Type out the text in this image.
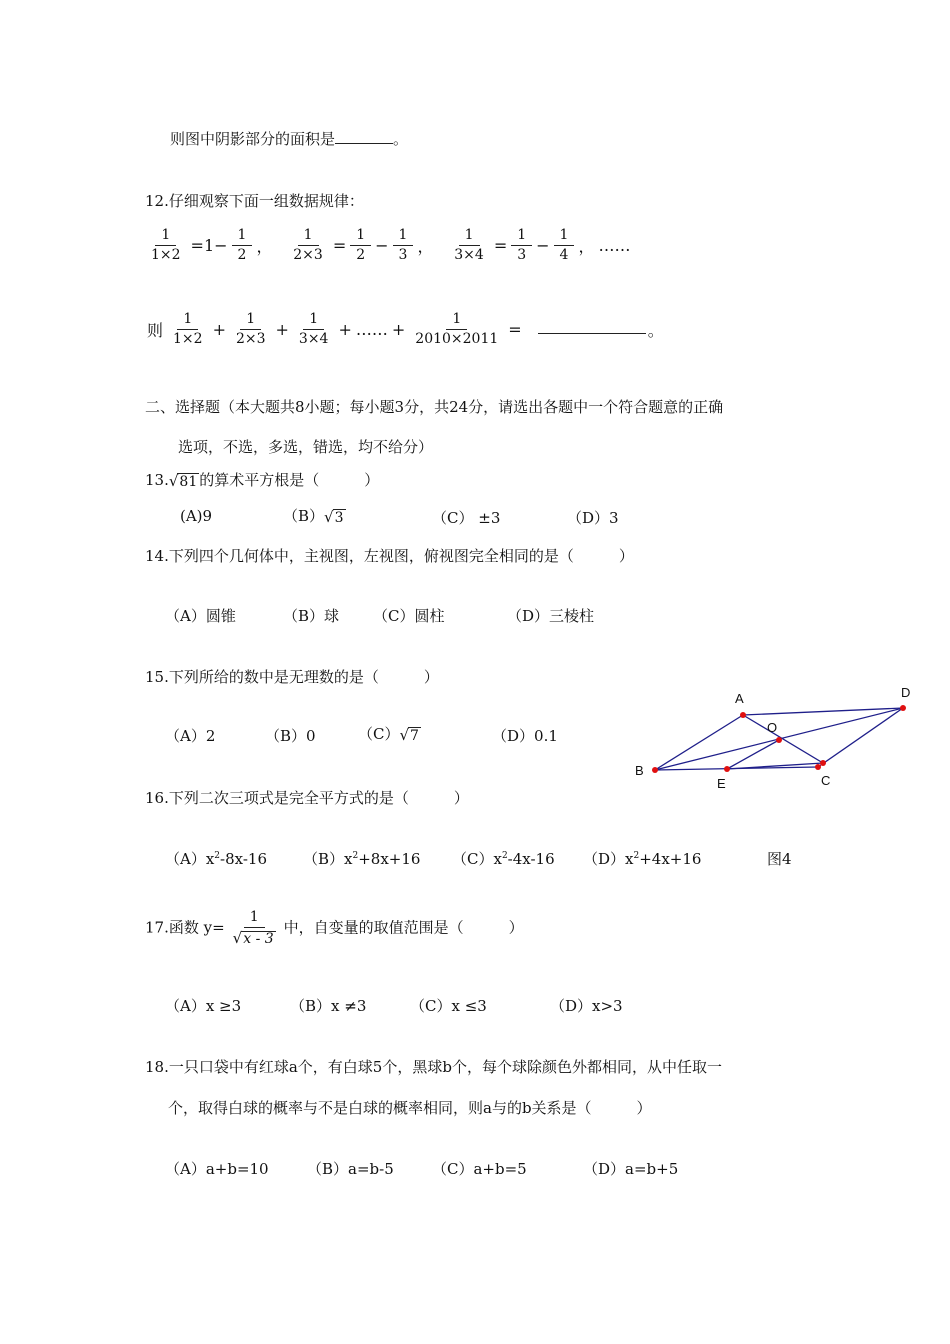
则图中阴影部分的面积是	。
12.仔细观察下面一组数据规律：
$\frac{1}{1\times 2} =1- \frac{1}{2}$ ， $\frac{1}{2\times 3} = \frac{1}{2} - \frac{1}{3}$ ， $\frac{1}{3\times 4} = \frac{1}{3} - \frac{1}{4}$ ， ……
则 $\frac{1}{1\times 2} + \frac{1}{2\times 3} + \frac{1}{3\times 4}$ + …… + $\frac{1}{2010\times 2011}$ =	。
二、选择题（本大题共8小题；每小题3分，共24分，请选出各题中一个符合题意的正确
选项，不选，多选，错选，均不给分）
13. √ 81 的算术平方根是（　　　）
(A)9	（B） √ 3	（C） ±3	（D）3
14.下列四个几何体中，主视图，左视图，俯视图完全相同的是（　　　）
（A）圆锥	（B）球 （C）圆柱	（D）三棱柱
15.下列所给的数中是无理数的是（　　　）
（A）2	（B）0	（C） √ 7	（D）0.1
A	D
B
C
E
O
16.下列二次三项式是完全平方式的是（　　　）
$(A)x^2-8x-16$ $(B)x^2+8x+16$ $(C)x^2-4x-16$ $(D)x^2+4x+16$	图4
17.函数 $y= \frac{1}{√ x - 3}$ 中，自变量的取值范围是（　　　）
（A）x ≥3	（B）x ≠3	（C）x ≤3	（D）x>3
18.一只口袋中有红球a个，有白球5个，黑球b个，每个球除颜色外都相同，从中任取一
个，取得白球的概率与不是白球的概率相同，则a与的b关系是（　　　）
（A）a+b=10	（B）a=b-5	（C）a+b=5	（D）a=b+5
